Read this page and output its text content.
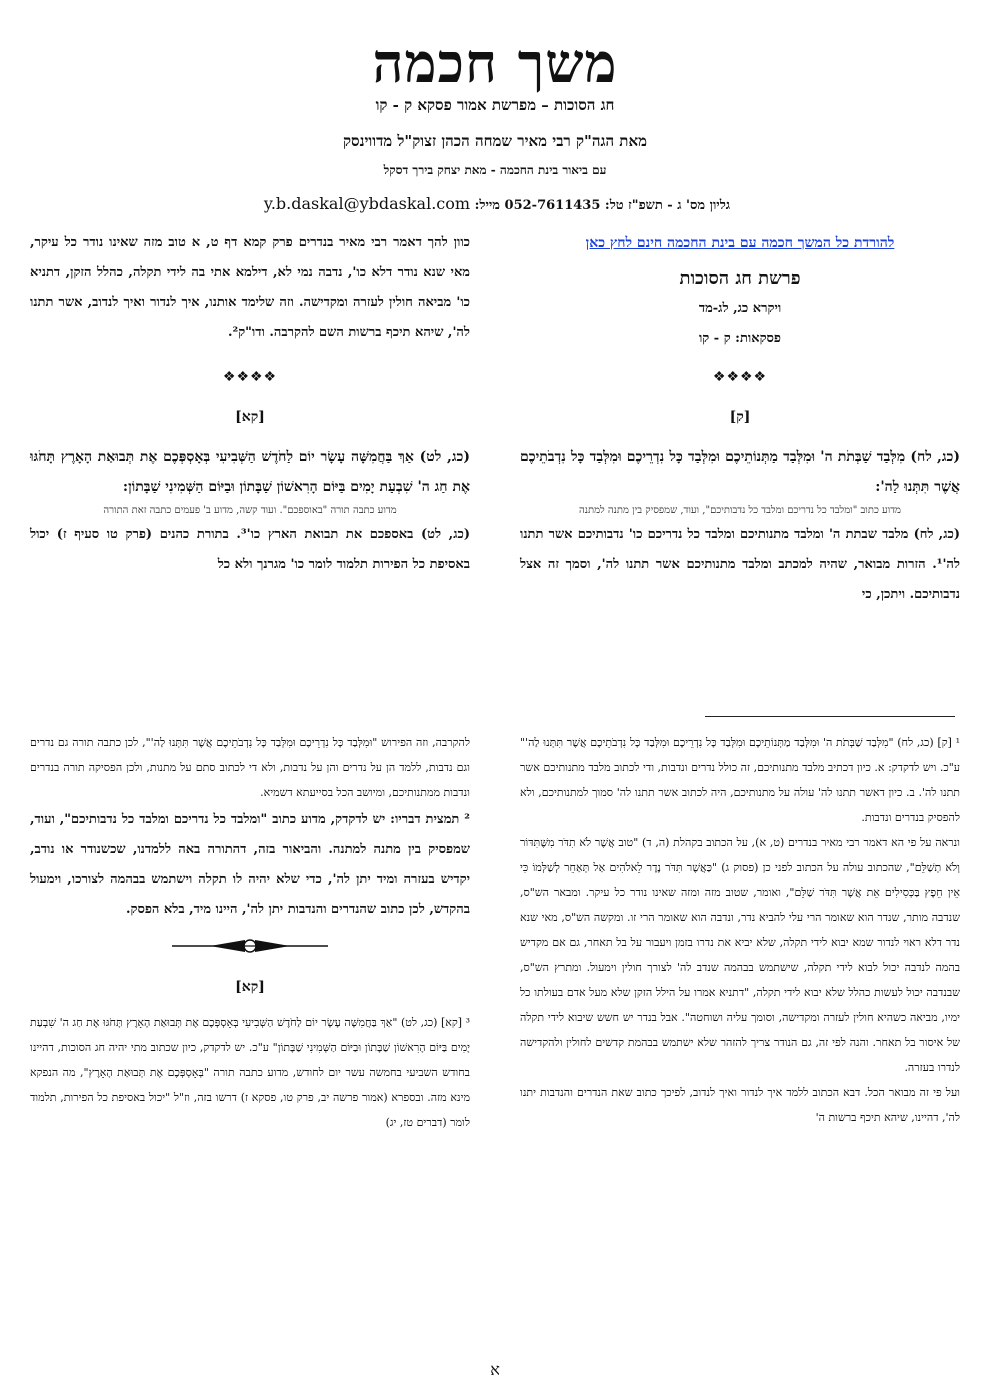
משך חכמה
חג הסוכות – מפרשת אמור פסקא ק - קו
מאת הגה"ק רבי מאיר שמחה הכהן זצוק"ל מדווינסק
עם ביאור בינת החכמה - מאת יצחק בירך דסקל
גליון מס' ג - תשפ"ז טל: 052-7611435 מייל: y.b.daskal@ybdaskal.com
להורדת כל המשך חכמה עם בינת החכמה חינם לחץ כאן
פרשת חג הסוכות
ויקרא כג, לג-מד
פסקאות: ק - קו
❖❖❖❖
[ק]

(כג, לח) מִלְּבַד שַׁבְּתֹת ה' וּמִלְּבַד מַתְּנוֹתֵיכֶם וּמִלְּבַד כָּל נִדְרֵיכֶם וּמִלְּבַד כָּל נִדְבֹתֵיכֶם אֲשֶׁר תִּתְּנוּ לַה':

מדוע כתוב "ומלבד כל נדריכם ומלבד כל נדבותיכם", ועוד, שמפסיק בין מתנה למתנה

(כג, לח) מלבד שבתת ה' ומלבד מתנותיכם ומלבד כל נדריכם כו' נדבותיכם אשר תתנו לה'¹. הזרות מבואר, שהיה למכתב ומלבד מתנותיכם אשר תתנו לה', וסמך זה אצל נדבותיכם. ויתכן, כי

כוון להך דאמר רבי מאיר בנדרים פרק קמא דף ט, א טוב מזה שאינו נודר כל עיקר, מאי שנא נודר דלא כו', נדבה נמי לא, דילמא אתי בה לידי תקלה, כהלל הזקן, דתניא כו' מביאה חולין לעזרה ומקדישה. וזה שלימד אותנו, איך לנדור ואיך לנדוב, אשר תתנו לה', שיהא תיכף ברשות השם להקרבה. ודו"ק².

❖❖❖❖
[קא]

(כג, לט) אַךְ בַּחֲמִשָּׁה עָשָׂר יוֹם לַחֹדֶשׁ הַשְּׁבִיעִי בְּאָסְפְּכֶם אֶת תְּבוּאַת הָאָרֶץ תָּחֹגּוּ אֶת חַג ה' שִׁבְעַת יָמִים בַּיּוֹם הָרִאשׁוֹן שַׁבָּתוֹן וּבַיּוֹם הַשְּׁמִינִי שַׁבָּתוֹן:

מדוע כתבה תורה "באוספכם". ועוד קשה, מדוע ב' פעמים כתבה זאת התורה

(כג, לט) באספכם את תבואת הארץ כו'³. בתורת כהנים (פרק טו סעיף ז) יכול באסיפת כל הפירות תלמוד לומר כו' מגרנך ולא כל

¹ [ק] (כג, לח) "מִלְּבַד שַׁבְּתֹת ה' וּמִלְּבַד מַתְּנוֹתֵיכֶם וּמִלְּבַד כָּל נִדְרֵיכֶם וּמִלְּבַד כָּל נִדְבֹתֵיכֶם אֲשֶׁר תִּתְּנוּ לַה'" ע"כ. ויש לדקדק: א. כיון דכתיב מלבד מתנותיכם, זה כולל נדרים ונדבות, ודי לכתוב מלבד מתנותיכם אשר תתנו לה'. ב. כיון דאשר תתנו לה' עולה על מתנותיכם, היה לכתוב אשר תתנו לה' סמוך למתנותיכם, ולא להפסיק בנדרים ונדבות.

ונראה על פי הא דאמר רבי מאיר בנדרים (ט, א), על הכתוב בקהלת (ה, ד) "טוב אֲשֶׁר לֹא תִדֹּר מִשֶּׁתִּדּוֹר וְלֹא תְשַׁלֵּם", שהכתוב עולה על הכתוב לפני כן (פסוק ג) "כַּאֲשֶׁר תִּדֹּר נֶדֶר לֵאלֹהִים אַל תְּאַחֵר לְשַׁלְּמוֹ כִּי אֵין חֵפֶץ בַּכְּסִילִים אֵת אֲשֶׁר תִּדֹּר שַׁלֵּם", ואומר, שטוב מזה ומזה שאינו נודר כל עיקר. ומבאר הש"ס, שנדבה מותר, שנדר הוא שאומר הרי עלי להביא נדר, ונדבה הוא שאומר הרי זו. ומקשה הש"ס, מאי שנא נדר דלא ראוי לנדור שמא יבוא לידי תקלה, שלא יביא את נדרו בזמן ויעבור על בל תאחר, גם אם מקדיש בהמה לנדבה יכול לבוא לידי תקלה, שישתמש בבהמה שנדב לה' לצורך חולין וימעול. ומתרץ הש"ס, שבנדבה יכול לעשות כהלל שלא יבוא לידי תקלה, "דתניא אמרו על הילל הזקן שלא מעל אדם בעולתו כל ימיו, מביאה כשהיא חולין לעזרה ומקדישה, וסומך עליה ושוחטה". אבל בנדר יש חשש שיבוא לידי תקלה של איסור בל תאחר. והנה לפי זה, גם הנודר צריך להזהר שלא ישתמש בבהמת קדשים לחולין ולהקדישה לנדרו בעזרה.

ועל פי זה מבואר הכל. דבא הכתוב ללמד איך לנדור ואיך לנדוב, לפיכך כתוב שאת הנדרים והנדבות יתנו לה', דהיינו, שיהא תיכף ברשות ה'

להקרבה, וזה הפירוש "וּמִלְּבַד כָּל נִדְרֵיכֶם וּמִלְּבַד כָּל נִדְבֹתֵיכֶם אֲשֶׁר תִּתְּנוּ לַה'", לכן כתבה תורה גם נדרים וגם נדבות, ללמד הן על נדרים והן על נדבות, ולא די לכתוב סתם על מתנות, ולכן הפסיקה תורה בנדרים ונדבות ממתנותיכם, ומיושב הכל בסייעתא דשמיא.

² תמצית דבריו: יש לדקדק, מדוע כתוב "ומלבד כל נדריכם ומלבד כל נדבותיכם", ועוד, שמפסיק בין מתנה למתנה. והביאור בזה, דהתורה באה ללמדנו, שכשנודר או נודב, יקדיש בעזרה ומיד יתן לה', כדי שלא יהיה לו תקלה וישתמש בבהמה לצורכו, וימעול בהקדש, לכן כתוב שהנדרים והנדבות יתן לה', היינו מיד, בלא הפסק.

[קא]

³ [קא] (כג, לט) "אַךְ בַּחֲמִשָּׁה עָשָׂר יוֹם לַחֹדֶשׁ הַשְּׁבִיעִי בְּאָסְפְּכֶם אֶת תְּבוּאַת הָאָרֶץ תָּחֹגּוּ אֶת חַג ה' שִׁבְעַת יָמִים בַּיּוֹם הָרִאשׁוֹן שַׁבָּתוֹן וּבַיּוֹם הַשְּׁמִינִי שַׁבָּתוֹן" ע"כ. יש לדקדק, כיון שכתוב מתי יהיה חג הסוכות, דהיינו בחודש השביעי בחמשה עשר יום לחודש, מדוע כתבה תורה "בְּאָסְפְּכֶם אֶת תְּבוּאַת הָאָרֶץ", מה הנפקא מינא מזה. ובספרא (אמור פרשה יב, פרק טו, פסקא ז) דרשו בזה, וז"ל "יכול באסיפת כל הפירות, תלמוד לומר (דברים טז, יג)

א
